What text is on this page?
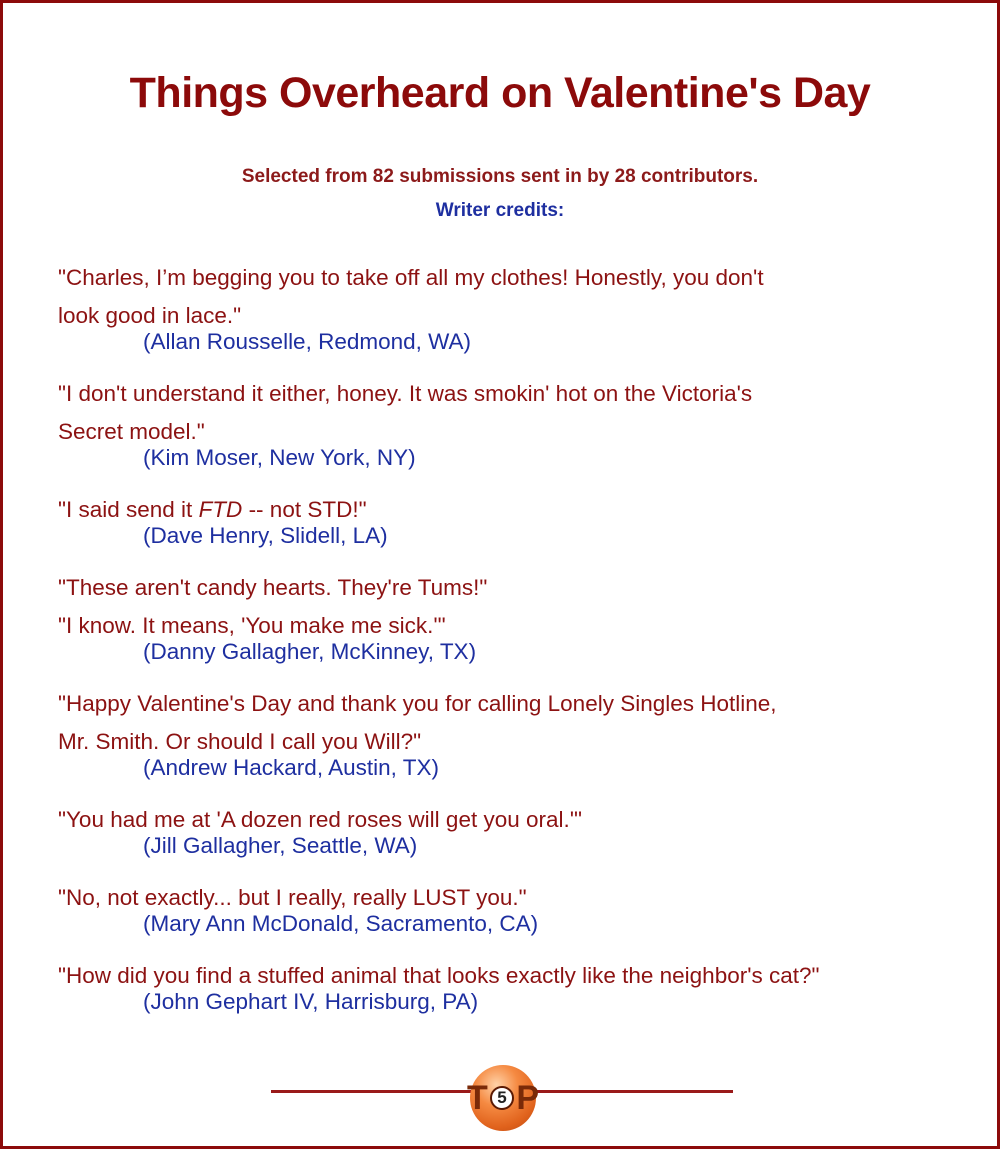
Things Overheard on Valentine's Day
Selected from 82 submissions sent in by 28 contributors.
Writer credits:
"Charles, I’m begging you to take off all my clothes! Honestly, you don't
look good in lace."
(Allan Rousselle, Redmond, WA)
"I don't understand it either, honey. It was smokin' hot on the Victoria's
Secret model."
(Kim Moser, New York, NY)
"I said send it FTD -- not STD!"
(Dave Henry, Slidell, LA)
"These aren't candy hearts. They're Tums!"
"I know. It means, 'You make me sick.'"
(Danny Gallagher, McKinney, TX)
"Happy Valentine's Day and thank you for calling Lonely Singles Hotline,
Mr. Smith. Or should I call you Will?"
(Andrew Hackard, Austin, TX)
"You had me at 'A dozen red roses will get you oral.'"
(Jill Gallagher, Seattle, WA)
"No, not exactly... but I really, really LUST you."
(Mary Ann McDonald, Sacramento, CA)
"How did you find a stuffed animal that looks exactly like the neighbor's cat?"
(John Gephart IV, Harrisburg, PA)
T 5 P
